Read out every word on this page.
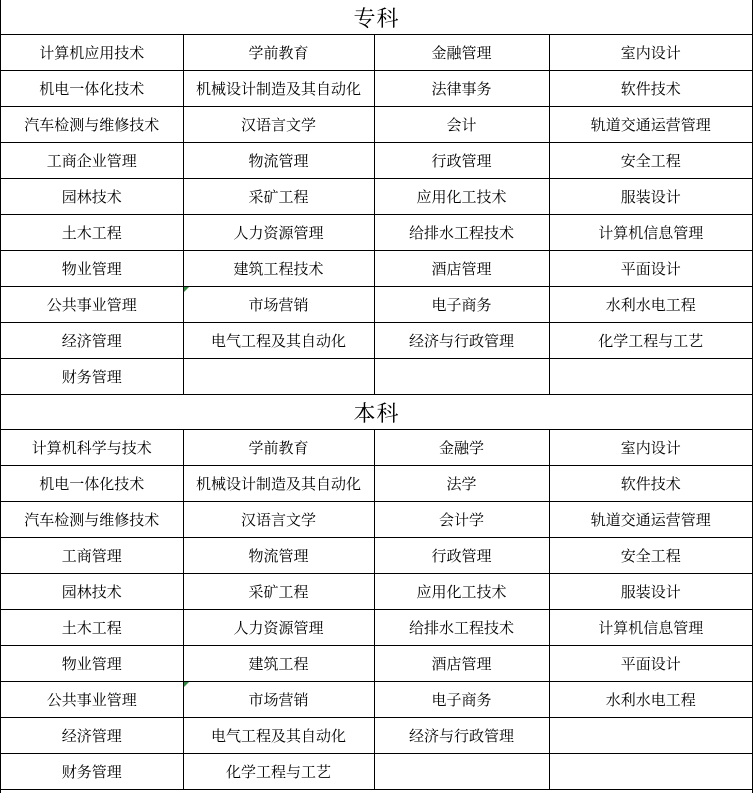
专科			
计算机应用技术	学前教育	金融管理	室内设计
机电一体化技术	机械设计制造及其自动化	法律事务	软件技术
汽车检测与维修技术	汉语言文学	会计	轨道交通运营管理
工商企业管理	物流管理	行政管理	安全工程
园林技术	采矿工程	应用化工技术	服装设计
土木工程	人力资源管理	给排水工程技术	计算机信息管理
物业管理	建筑工程技术	酒店管理	平面设计
公共事业管理	市场营销	电子商务	水利水电工程
经济管理	电气工程及其自动化	经济与行政管理	化学工程与工艺
财务管理			
本科			
计算机科学与技术	学前教育	金融学	室内设计
机电一体化技术	机械设计制造及其自动化	法学	软件技术
汽车检测与维修技术	汉语言文学	会计学	轨道交通运营管理
工商管理	物流管理	行政管理	安全工程
园林技术	采矿工程	应用化工技术	服装设计
土木工程	人力资源管理	给排水工程技术	计算机信息管理
物业管理	建筑工程	酒店管理	平面设计
公共事业管理	市场营销	电子商务	水利水电工程
经济管理	电气工程及其自动化	经济与行政管理	
财务管理	化学工程与工艺		
